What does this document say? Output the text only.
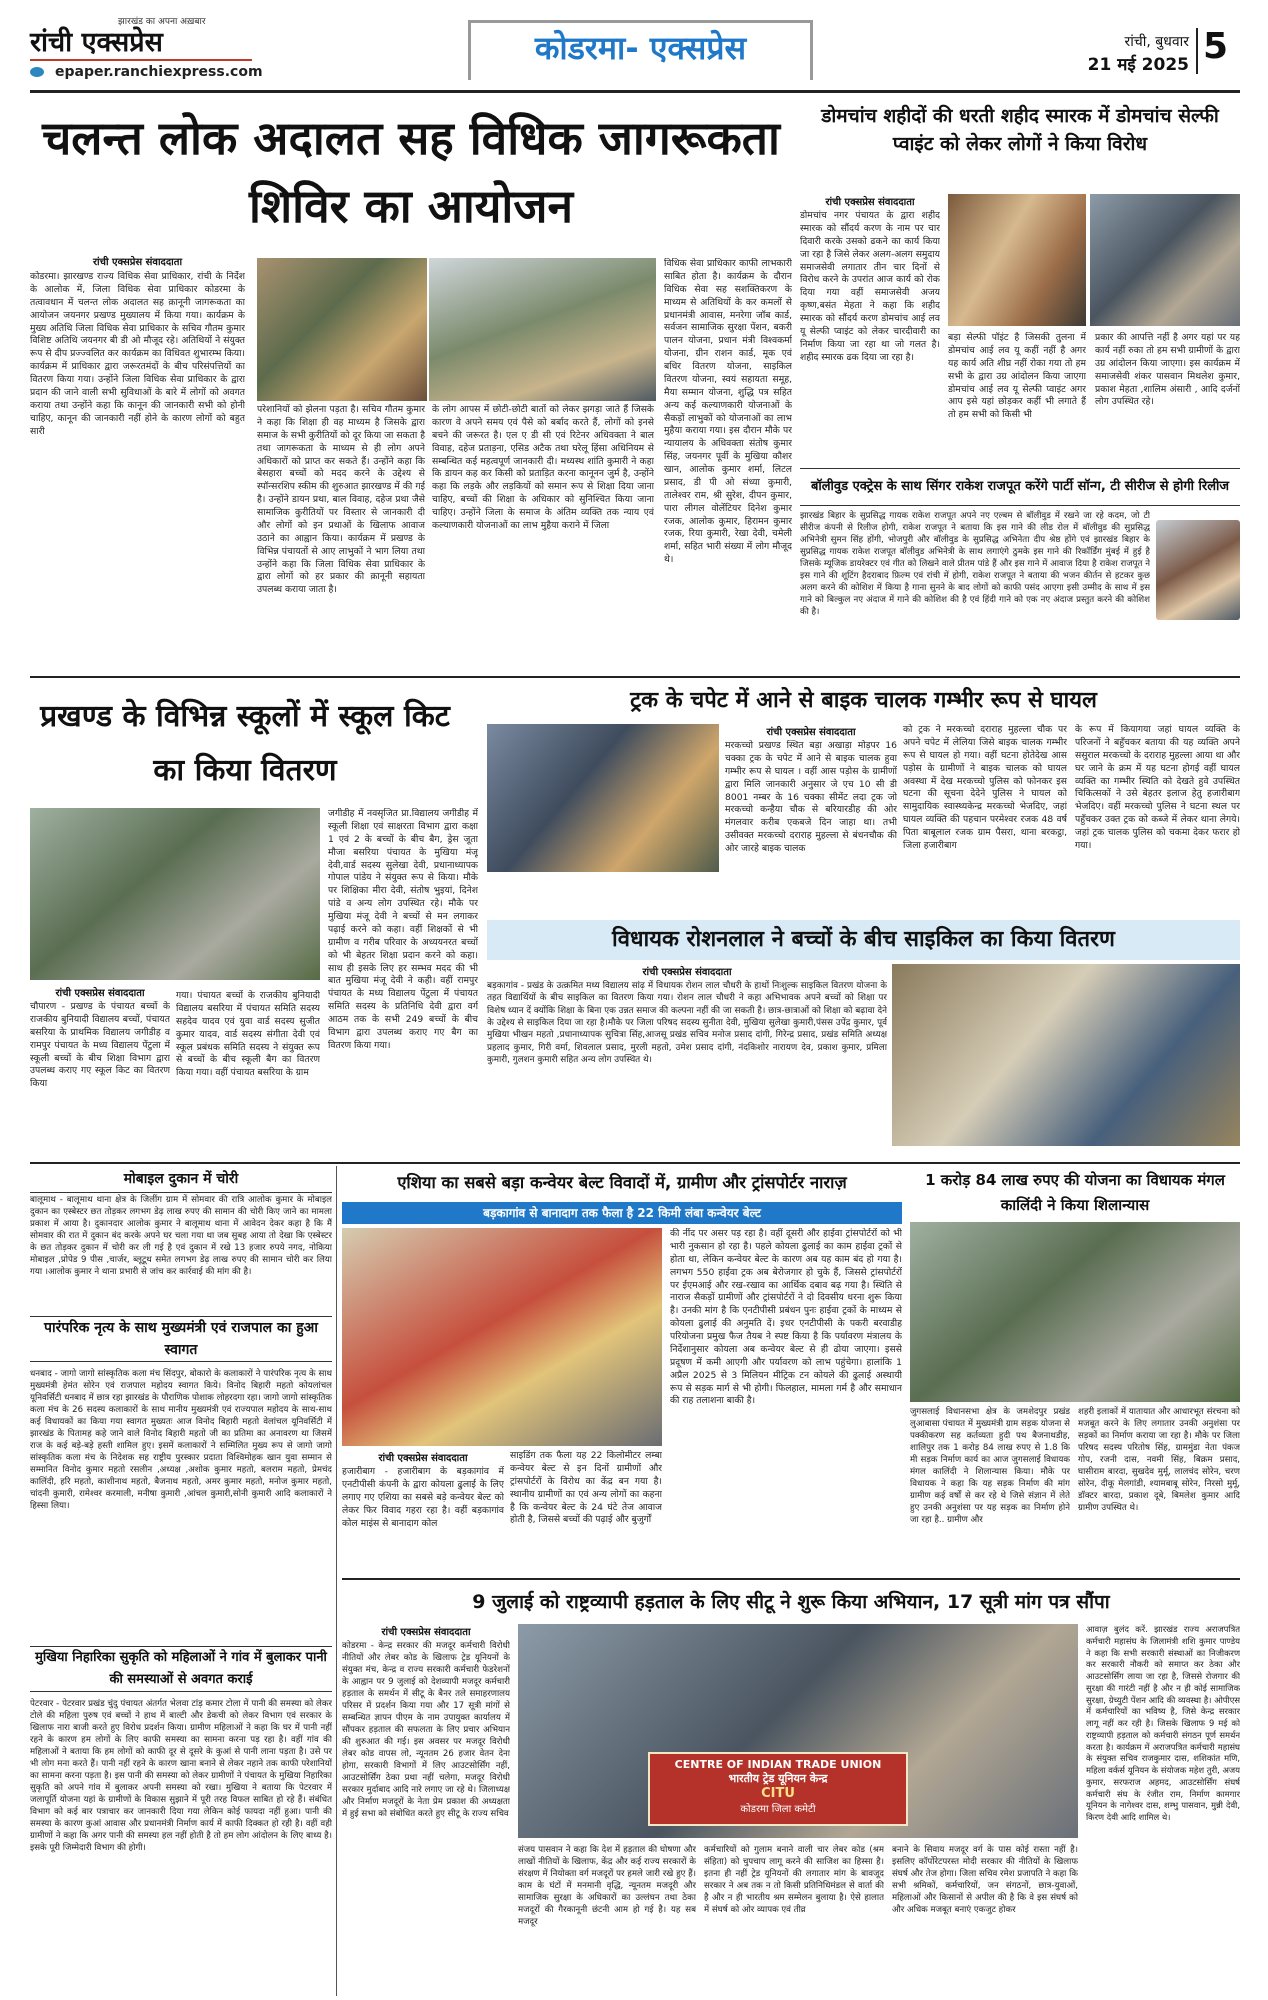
रांची एक्सप्रेस
झारखंड का अपना अख़बार
epaper.ranchiexpress.com
कोडरमा- एक्सप्रेस	रांची, बुधवार
21 मई 2025 5
चलन्त लोक अदालत सह विधिक जागरूकता शिविर का आयोजन
रांची एक्सप्रेस संवाददाता
कोडरमा। झारखण्ड राज्य विधिक सेवा प्राधिकार, रांची के निर्देश के आलोक में, जिला विधिक सेवा प्राधिकार कोडरमा के तत्वावधान में चलन्त लोक अदालत सह क़ानूनी जागरूकता का आयोजन जयनगर प्रखण्ड मुख्यालय में किया गया। कार्यक्रम के मुख्य अतिथि जिला विधिक सेवा प्राधिकार के सचिव गौतम कुमार विशिष्ट अतिथि जयनगर बी डी ओ मौजूद रहे। अतिथियों ने संयुक्त रूप से दीप प्रज्ज्वलित कर कार्यक्रम का विधिवत शुभारम्भ किया। कार्यक्रम में प्राधिकार द्वारा जरूरतमंदों के बीच परिसंपत्तियों का वितरण किया गया। उन्होंने जिला विधिक सेवा प्राधिकार के द्वारा प्रदान की जाने वाली सभी सुविधाओं के बारे में लोगों को अवगत कराया तथा उन्होंने कहा कि कानून की जानकारी सभी को होनी चाहिए, कानून की जानकारी नहीं होने के कारण लोगों को बहुत सारी
परेशानियों को झेलना पड़ता है। सचिव गौतम कुमार ने कहा कि शिक्षा ही वह माध्यम है जिसके द्वारा समाज के सभी कुरीतियों को दूर किया जा सकता है तथा जागरूकता के माध्यम से ही लोग अपने अधिकारों को प्राप्त कर सकते हैं। उन्होंने कहा कि बेसहारा बच्चों को मदद करने के उद्देश्य से स्पॉन्सरशिप स्कीम की शुरुआत झारखण्ड में की गई है। उन्होंने डायन प्रथा, बाल विवाह, दहेज प्रथा जैसे सामाजिक कुरीतियों पर विस्तार से जानकारी दी और लोगों को इन प्रथाओं के खिलाफ आवाज उठाने का आह्वान किया। कार्यक्रम में प्रखण्ड के विभिन्न पंचायतों से आए लाभुकों ने भाग लिया तथा उन्होंने कहा कि जिला विधिक सेवा प्राधिकार के द्वारा लोगों को हर प्रकार की क़ानूनी सहायता उपलब्ध कराया जाता है।
के लोग आपस में छोटी-छोटी बातों को लेकर झगड़ा जाते हैं जिसके कारण वे अपने समय एवं पैसे को बर्बाद करते हैं, लोगों को इनसे बचने की जरूरत है। एल ए डी सी एवं रिटेनर अधिवक्ता ने बाल विवाह, दहेज प्रताड़ना, एसिड अटैक तथा घरेलू हिंसा अधिनियम से सम्बन्धित कई महत्वपूर्ण जानकारी दी। मध्यस्थ शांति कुमारी ने कहा कि डायन कह कर किसी को प्रताड़ित करना कानूनन जुर्म है, उन्होंने कहा कि लड़के और लड़कियों को समान रूप से शिक्षा दिया जाना चाहिए, बच्चों की शिक्षा के अधिकार को सुनिश्चित किया जाना चाहिए। उन्होंने जिला के समाज के अंतिम व्यक्ति तक न्याय एवं कल्याणकारी योजनाओं का लाभ मुहैया कराने में जिला
विधिक सेवा प्राधिकार काफी लाभकारी साबित होता है। कार्यक्रम के दौरान विधिक सेवा सह सशक्तिकरण के माध्यम से अतिथियों के कर कमलों से प्रधानमंत्री आवास, मनरेगा जॉब कार्ड, सर्वजन सामाजिक सुरक्षा पेंशन, बकरी पालन योजना, प्रधान मंत्री विश्वकर्मा योजना, ग्रीन राशन कार्ड, मूक एवं बधिर वितरण योजना, साइकिल वितरण योजना, स्वयं सहायता समूह, मैया सम्मान योजना, शुद्धि पत्र सहित अन्य कई कल्याणकारी योजनाओं के सैकड़ों लाभुकों को योजनाओं का लाभ मुहैया कराया गया। इस दौरान मौके पर न्यायालय के अधिवक्ता संतोष कुमार सिंह, जयनगर पूर्वी के मुखिया कौशर खान, आलोक कुमार शर्मा, लिटल प्रसाद, डी पी ओ संध्या कुमारी, तालेश्वर राम, श्री सुरेश, दीपन कुमार, पारा लीगल वोलेंटियर दिनेश कुमार रजक, आलोक कुमार, हिरामन कुमार रजक, रिया कुमारी, रेखा देवी, चमेली शर्मा, सहित भारी संख्या में लोग मौजूद थे।
डोमचांच शहीदों की धरती शहीद स्मारक में डोमचांच सेल्फी प्वाइंट को लेकर लोगों ने किया विरोध
रांची एक्सप्रेस संवाददाता
डोमचांच नगर पंचायत के द्वारा शहीद स्मारक को सौंदर्य करण के नाम पर चार दिवारी करके उसको ढकने का कार्य किया जा रहा है जिसे लेकर अलग-अलग समुदाय समाजसेवी लगातार तीन चार दिनों से विरोध करने के उपरांत आज कार्य को रोक दिया गया वहीं समाजसेवी अजय कृष्ण,बसंत मेहता ने कहा कि शहीद स्मारक को सौंदर्य करण डोमचांच आई लव यू सेल्फी प्वाइंट को लेकर चारदीवारी का निर्माण किया जा रहा था जो गलत है। शहीद स्मारक ढक दिया जा रहा है।
बड़ा सेल्फी पॉइंट है जिसकी तुलना में डोमचांच आई लव यू कहीं नहीं है अगर यह कार्य अति शीघ्र नहीं रोका गया तो हम सभी के द्वारा उग्र आंदोलन किया जाएगा डोमचांच आई लव यू सेल्फी प्वाइंट अगर आप इसे यहां छोड़कर कहीं भी लगाते हैं तो हम सभी को किसी भी
प्रकार की आपत्ति नहीं है अगर यहां पर यह कार्य नहीं रुका तो हम सभी ग्रामीणों के द्वारा उग्र आंदोलन किया जाएगा। इस कार्यक्रम में समाजसेवी शंकर पासवान मिथलेश कुमार, प्रकाश मेहता ,शालिम अंसारी , आदि दर्जनों लोग उपस्थित रहे।
बॉलीवुड एक्ट्रेस के साथ सिंगर राकेश राजपूत करेंगे पार्टी सॉन्ग, टी सीरीज से होगी रिलीज
झारखंड बिहार के सुप्रसिद्ध गायक राकेश राजपूत अपने नए एल्बम से बॉलीवुड में रखने जा रहे कदम, जो टी सीरीज कंपनी से रिलीज होगी, राकेश राजपूत ने बताया कि इस गाने की लीड रोल में बॉलीवुड की सुप्रसिद्ध अभिनेत्री सुमन सिंह होंगी, भोजपुरी और बॉलीवुड के सुप्रसिद्ध अभिनेता दीप श्रेष्ठ होंगे एवं झारखंड बिहार के सुप्रसिद्ध गायक राकेश राजपूत बॉलीवुड अभिनेत्री के साथ लगाएंगे ठुमके इस गाने की रिकॉर्डिंग मुंबई में हुई है जिसके म्यूजिक डायरेक्टर एवं गीत को लिखने वाले प्रीतम पांडे हैं और इस गाने में आवाज दिया है राकेश राजपूत ने इस गाने की शूटिंग हैदराबाद फ़िल्म एवं रांची में होगी, राकेश राजपूत ने बताया की भजन कीर्तन से हटकर कुछ अलग करने की कोशिश में किया है गाना सुनने के बाद लोगों को काफी पसंद आएगा इसी उम्मीद के साथ में इस गाने को बिल्कुल नए अंदाज में गाने की कोशिश की है एवं हिंदी गाने को एक नए अंदाज प्रस्तुत करने की कोशिश की है।
प्रखण्ड के विभिन्न स्कूलों में स्कूल किट का किया वितरण
रांची एक्सप्रेस संवाददाता
चौपारण - प्रखण्ड के पंचायत बच्चों के राजकीय बुनियादी विद्यालय बच्चों, पंचायत बसरिया के प्राथमिक विद्यालय जगीडीह व रामपुर पंचायत के मध्य विद्यालय पेंटुला में स्कूली बच्चों के बीच शिक्षा विभाग द्वारा उपलब्ध कराए गए स्कूल किट का वितरण किया
गया। पंचायत बच्चों के राजकीय बुनियादी विद्यालय बसरिया में पंचायत समिति सदस्य सहदेव यादव एवं युवा वार्ड सदस्य सुजीत कुमार यादव, वार्ड सदस्य संगीता देवी एवं स्कूल प्रबंधक समिति सदस्य ने संयुक्त रूप से बच्चों के बीच स्कूली बैग का वितरण किया गया। वहीं पंचायत बसरिया के ग्राम
जगीडीह में नवसृजित प्रा.विद्यालय जगीडीह में स्कूली शिक्षा एवं साक्षरता विभाग द्वारा कक्षा 1 एवं 2 के बच्चों के बीच बैग, ड्रेस जूता मौजा बसरिया पंचायत के मुखिया मंजू देवी,वार्ड सदस्य सुलेखा देवी, प्रधानाध्यापक गोपाल पांडेय ने संयुक्त रूप से किया। मौके पर शिक्षिका मीरा देवी, संतोष भुइयां, दिनेश पांडे व अन्य लोग उपस्थित रहे। मौके पर मुखिया मंजू देवी ने बच्चों से मन लगाकर पढ़ाई करने को कहा। वहीं शिक्षकों से भी ग्रामीण व गरीब परिवार के अध्ययनरत बच्चों को भी बेहतर शिक्षा प्रदान करने को कहा। साथ ही इसके लिए हर सम्भव मदद की भी बात मुखिया मंजू देवी ने कही। वहीं रामपुर पंचायत के मध्य विद्यालय पेंटुला में पंचायत समिति सदस्य के प्रतिनिधि देवी द्वारा वर्ग आठम तक के सभी 249 बच्चों के बीच विभाग द्वारा उपलब्ध कराए गए बैग का वितरण किया गया।
ट्रक के चपेट में आने से बाइक चालक गम्भीर रूप से घायल
रांची एक्सप्रेस संवाददाता
मरकच्चो प्रखण्ड स्थित बड़ा अखाड़ा मोड़पर 16 चक्का ट्रक के चपेट में आने से बाइक चालक हुवा गम्भीर रूप से घायल । वहीं आस पड़ोस के ग्रामीणों द्वारा मिलि जानकारी अनुसार जे एच 10 सी डी 8001 नम्बर के 16 चक्का सीमेंट लदा ट्रक जो मरकच्चो कन्हैया चौक से बरियारडीह की ओर मंगलवार करीब एकबजे दिन जाहा था। तभी उसीवक्त मरकच्चो दराराह मुहल्ला से बंधनचौक की ओर जारहे बाइक चालक
को ट्रक ने मरकच्चो दराराह मुहल्ला चौक पर अपने चपेट में लेलिया जिसे बाइक चालक गम्भीर रूप से घायल हो गया। वहीं घटना होतेदेख आस पड़ोस के ग्रामीणों ने बाइक चालक को घायल अवस्था में देख मरकच्चो पुलिस को फोनकर इस घटना की सूचना देदेने पुलिस ने घायल को सामुदायिक स्वास्थ्यकेन्द्र मरकच्चो भेजदिए, जहां घायल व्यक्ति की पहचान परमेश्वर रजक 48 वर्ष पिता बाबूलाल रजक ग्राम पैसरा, थाना बरकट्ठा, जिला हजारीबाग
के रूप में कियागया जहां घायल व्यक्ति के परिजनों ने बहुँचकर बताया की यह व्यक्ति अपने ससुराल मरकच्चो के दराराह मुहल्ला आया था और घर जाने के क्रम में यह घटना होगई वहीं घायल व्यक्ति का गम्भीर स्थिति को देखते हुवे उपस्थित चिकित्सकों ने उसे बेहतर इलाज हेतु हजारीबाग भेजदिए। वहीं मरकच्चो पुलिस ने घटना स्थल पर पहुँचकर उक्त ट्रक को कब्जे में लेकर थाना लेगये। जहां ट्रक चालक पुलिस को चकमा देकर फरार हो गया।
विधायक रोशनलाल ने बच्चों के बीच साइकिल का किया वितरण
रांची एक्सप्रेस संवाददाता
बड़कागांव - प्रखंड के उत्क्रमित मध्य विद्यालय सांढ़ में विधायक रोशन लाल चौधरी के हाथों निःशुल्क साइकिल वितरण योजना के तहत विद्यार्थियों के बीच साइकिल का वितरण किया गया। रोशन लाल चौधरी ने कहा अभिभावक अपने बच्चों को शिक्षा पर विशेष ध्यान दें क्योंकि शिक्षा के बिना एक उन्नत समाज की कल्पना नहीं की जा सकती है। छात्र-छात्राओं को शिक्षा को बढ़ावा देने के उद्देश्य से साइकिल दिया जा रहा है।मौके पर जिला परिषद सदस्य सुनीता देवी, मुखिया सुलेखा कुमारी,पंसस उपेंद्र कुमार, पूर्व मुखिया भीखन महतो ,प्रधानाध्यापक सुचित्रा सिंह,आजसू प्रखंड सचिव मनोज प्रसाद दांगी, गिरेन्द्र प्रसाद, प्रखंड समिति अध्यक्ष प्रहलाद कुमार, गिरी वर्मा, शिवलाल प्रसाद, मुरली महतो, उमेश प्रसाद दांगी, नंदकिशोर नारायण देव, प्रकाश कुमार, प्रमिला कुमारी, गुलशन कुमारी सहित अन्य लोग उपस्थित थे।
मोबाइल दुकान में चोरी
बालूमाथ - बालूमाथ थाना क्षेत्र के जिलींग ग्राम में सोमवार की रात्रि आलोक कुमार के मोबाइल दुकान का एस्बेस्टर छत तोड़कर लगभग डेढ़ लाख रुपए की सामान की चोरी किए जाने का मामला प्रकाश में आया है। दुकानदार आलोक कुमार ने बालूमाथ थाना में आवेदन देकर कहा है कि मैं सोमवार की रात में दुकान बंद करके अपने घर चला गया था जब सुबह आया तो देखा कि एस्बेस्टर के छत तोड़कर दुकान में चोरी कर ली गई है एवं दुकान में रखे 13 हजार रुपये नगद, नोकिया मोबाइल ,प्रोपेड 9 पीस ,चार्जर, ब्लूटूथ समेत लगभग डेढ़ लाख रुपए की सामान चोरी कर लिया गया ।आलोक कुमार ने थाना प्रभारी से जांच कर कार्रवाई की मांग की है।
पारंपरिक नृत्य के साथ मुख्यमंत्री एवं राजपाल का हुआ स्वागत
धनबाद - जागो जागो सांस्कृतिक कला मंच सिंदपुर, बोकारो के कलाकारों ने पारंपरिक नृत्य के साथ मुख्यमंत्री हेमंत सोरेन एवं राजपाल महोदय स्वागत किये। विनोद बिहारी महतो कोयलांचल यूनिवर्सिटी धनबाद में छात्र रहा झारखंड के पौराणिक पोशाक लोहरदगा रहा। जागो जागो सांस्कृतिक कला मंच के 26 सदस्य कलाकारों के साथ मानीय मुख्यमंत्री एवं राज्यपाल महोदय के साथ-साथ कई विधायकों का किया गया स्वागत मुख्यतः आज विनोद बिहारी महतो वेलांचल यूनिवर्सिटी में झारखंड के पितामह कहे जाने वाले विनोद बिहारी महतो जी का प्रतिमा का अनावरण था जिसमें राज के कई बड़े-बड़े हस्ती शामिल हुए। इसमें कलाकारों ने सम्मिलित मुख्य रूप से जागो जागो सांस्कृतिक कला मंच के निदेशक सह राष्ट्रीय पुरस्कार प्रदाता विश्विमोहक खान युवा सम्मान से सम्मानित विनोद कुमार महतो रसलीन ,अध्यक्ष ,अशोक कुमार महतो, बलराम महतो, प्रेमचंद कालिंदी, हरि महतो, काशीनाथ महतो, बैजनाथ महतो, अमर कुमार महतो, मनोज कुमार महतो, चांदनी कुमारी, रामेश्वर करमाली, मनीषा कुमारी ,आंचल कुमारी,सोनी कुमारी आदि कलाकारों ने हिस्सा लिया।
मुखिया निहारिका सुकृति को महिलाओं ने गांव में बुलाकर पानी की समस्याओं से अवगत कराई
पेटरवार - पेटरवार प्रखंड चुंदु पंचायत अंतर्गत भेलवा टांड़ कमार टोला में पानी की समस्या को लेकर टोले की महिला पुरुष एवं बच्चों ने हाथ में बाल्टी और डेकची को लेकर विभाग एवं सरकार के खिलाफ नारा बाजी करते हुए विरोध प्रदर्शन किया। ग्रामीण महिलाओं ने कहा कि घर में पानी नहीं रहने के कारण हम लोगों के लिए काफी समस्या का सामना करना पड़ रहा है। वहीं गांव की महिलाओं ने बताया कि हम लोगों को काफी दूर से दूसरे के कुआं से पानी लाना पड़ता है। उसे पर भी लोग मना करते हैं। पानी नहीं रहने के कारण खाना बनाने से लेकर नहाने तक काफी परेशानियों का सामना करना पड़ता है। इस पानी की समस्या को लेकर ग्रामीणों ने पंचायत के मुखिया निहारिका सुकृति को अपने गांव में बुलाकर अपनी समस्या को रखा। मुखिया ने बताया कि पेटरवार में जलापूर्ति योजना यहां के ग्रामीणों के विकास सुझाने में पूरी तरह विफल साबित हो रहे हैं। संबंधित विभाग को कई बार पत्राचार कर जानकारी दिया गया लेकिन कोई फायदा नहीं हुआ। पानी की समस्या के कारण कुआं आवास और प्रधानमंत्री निर्माण कार्य में काफी दिक्कत हो रही है। वहीं वही ग्रामीणों ने कहा कि अगर पानी की समस्या हल नहीं होती है तो हम लोग आंदोलन के लिए बाध्य है। इसके पूरी जिम्मेदारी विभाग की होगी।
एशिया का सबसे बड़ा कन्वेयर बेल्ट विवादों में, ग्रामीण और ट्रांसपोर्टर नाराज़
बड़कागांव से बानादाग तक फैला है 22 किमी लंबा कन्वेयर बेल्ट
रांची एक्सप्रेस संवाददाता
हजारीबाग - हजारीबाग के बड़कागांव में एनटीपीसी कंपनी के द्वारा कोयला ढुलाई के लिए लगाए गए एशिया का सबसे बड़े कन्वेयर बेल्ट को लेकर फिर विवाद गहरा रहा है। वहीं बड़कागांव कोल माइंस से बानादाग कोल
साइडिंग तक फैला यह 22 किलोमीटर लम्बा कन्वेयर बेल्ट से इन दिनों ग्रामीणों और ट्रांसपोर्टरों के विरोध का केंद्र बन गया है। स्थानीय ग्रामीणों का एवं अन्य लोगों का कहना है कि कन्वेयर बेल्ट के 24 घंटे तेज आवाज होती है, जिससे बच्चों की पढ़ाई और बुजुर्गों
की नींद पर असर पड़ रहा है। वहीं दूसरी और हाईवा ट्रांसपोर्टरों को भी भारी नुकसान हो रहा है। पहले कोयला ढुलाई का काम हाईवा ट्रकों से होता था, लेकिन कन्वेयर बेल्ट के कारण अब यह काम बंद हो गया है। लगभग 550 हाईवा ट्रक अब बेरोजगार हो चुके हैं, जिससे ट्रांसपोर्टरों पर ईएमआई और रख-रखाव का आर्थिक दबाव बढ़ गया है। स्थिति से नाराज सैकड़ों ग्रामीणों और ट्रांसपोर्टरों ने दो दिवसीय धरना शुरू किया है। उनकी मांग है कि एनटीपीसी प्रबंधन पुनः हाईवा ट्रकों के माध्यम से कोयला ढुलाई की अनुमति दें। इधर एनटीपीसी के पकरी बरवाडीह परियोजना प्रमुख फैज तैयब ने स्पष्ट किया है कि पर्यावरण मंत्रालय के निर्देशानुसार कोयला अब कन्वेयर बेल्ट से ही ढोया जाएगा। इससे प्रदूषण में कमी आएगी और पर्यावरण को लाभ पहुंचेगा। हालांकि 1 अप्रैल 2025 से 3 मिलियन मीट्रिक टन कोयले की ढुलाई अस्थायी रूप से सड़क मार्ग से भी होगी। फिलहाल, मामला गर्म है और समाधान की राह तलाशना बाकी है।
1 करोड़ 84 लाख रुपए की योजना का विधायक मंगल कालिंदी ने किया शिलान्यास
जुगसलाई विधानसभा क्षेत्र के जमशेदपुर प्रखंड लुआबासा पंचायत में मुख्यमंत्री ग्राम सड़क योजना से पक्कीकरण सह कर्तव्यता हुदी पथ बैजनाथडीह, शालिपुर तक 1 करोड़ 84 लाख रुपए से 1.8 कि मी सड़क निर्माण कार्य का आज जुगसलाई विधायक मंगल कालिंदी ने शिलान्यास किया। मौके पर विधायक ने कहा कि यह सड़क निर्माण की मांग ग्रामीण कई वर्षों से कर रहे थे जिसे संज्ञान में लेते हुए उनकी अनुशंसा पर यह सड़क का निर्माण होने जा रहा है.. ग्रामीण और
शहरी इलाकों में यातायात और आधारभूत संरचना को मजबूत करने के लिए लगातार उनकी अनुशंसा पर सड़कों का निर्माण कराया जा रहा है। मौके पर जिला परिषद सदस्य परितोष सिंह, ग्राममुंडा नेता पंकज गोप, रजनी दास, नवमी सिंह, बिक्रम प्रसाद, घासीराम बारदा, सुखदेव मुर्मू, लालचंद सोरेन, चरण सोरेन, दीकू मेलगांडी, श्यामबाबू सोरेन, निरसो मुर्मू, डॉक्टर बारदा, प्रकाश दूबे, बिमलेश कुमार आदि ग्रामीण उपस्थित थे।
9 जुलाई को राष्ट्रव्यापी हड़ताल के लिए सीटू ने शुरू किया अभियान, 17 सूत्री मांग पत्र सौंपा
रांची एक्सप्रेस संवाददाता
कोडरमा - केन्द्र सरकार की मजदूर कर्मचारी विरोधी नीतियों और लेबर कोड के खिलाफ ट्रेड यूनियनों के संयुक्त मंच, केन्द्र व राज्य सरकारी कर्मचारी फेडरेशनों के आह्वान पर 9 जुलाई को देशव्यापी मजदूर कर्मचारी हड़ताल के समर्थन में सीटू के बैनर तले समाहरणालय परिसर में प्रदर्शन किया गया और 17 सूत्री मांगों से सम्बन्धित ज्ञापन पीएम के नाम उपायुक्त कार्यालय में सौंपकर हड़ताल की सफलता के लिए प्रचार अभियान की शुरुआत की गई। इस अवसर पर मजदूर विरोधी लेबर कोड वापस लो, न्यूनतम 26 हजार वेतन देना होगा, सरकारी विभागों में लिए आउटसोर्सिंग नहीं, आउटसोर्सिंग ठेका प्रथा नहीं चलेगा, मजदूर विरोधी सरकार मुर्दाबाद आदि नारे लगाए जा रहे थे। जिलाध्यक्ष और निर्माण मजदूरों के नेता प्रेम प्रकाश की अध्यक्षता में हुई सभा को संबोधित करते हुए सीटू के राज्य सचिव
CENTRE OF INDIAN TRADE UNION
भारतीय ट्रेड यूनियन केन्द्र
CITU
कोडरमा जिला कमेटी
संजय पासवान ने कहा कि देश में हड़ताल की घोषणा और लाखों नीतियों के खिलाफ, केंद्र और कई राज्य सरकारों के संरक्षण में नियोक्ता वर्ग मजदूरों पर हमले जारी रखे हुए हैं। काम के घंटों में मनमानी वृद्धि, न्यूनतम मजदूरी और सामाजिक सुरक्षा के अधिकारों का उल्लंघन तथा ठेका मजदूरों की गैरकानूनी छंटनी आम हो गई है। यह सब मजदूर
कर्मचारियों को गुलाम बनाने वाली चार लेबर कोड (श्रम संहिता) को चुपचाप लागू करने की साजिश का हिस्सा है। इतना ही नहीं ट्रेड यूनियनों की लगातार मांग के बावजूद सरकार ने अब तक न तो किसी प्रतिनिधिमंडल से वार्ता की है और न ही भारतीय श्रम सम्मेलन बुलाया है। ऐसे हालात में संघर्ष को ओर व्यापक एवं तीव्र
बनाने के सिवाय मजदूर वर्ग के पास कोई रास्ता नहीं है। इसलिए कॉर्पोरेटपरस्त मोदी सरकार की नीतियों के खिलाफ संघर्ष और तेज होगा। जिला सचिव रमेश प्रजापति ने कहा कि सभी श्रमिकों, कर्मचारियों, जन संगठनों, छात्र-युवाओं, महिलाओं और किसानों से अपील की है कि वे इस संघर्ष को और अधिक मजबूत बनाएं एकजुट होकर
आवाज़ बुलंद करें. झारखंड राज्य अराजपत्रित कर्मचारी महासंघ के जिलामंत्री शशि कुमार पाण्डेय ने कहा कि सभी सरकारी संस्थाओं का निजीकरण कर सरकारी नौकरी को समाप्त कर ठेका और आउटसोर्सिंग लाया जा रहा है, जिससे रोजगार की सुरक्षा की गारंटी नहीं है और न ही कोई सामाजिक सुरक्षा, ग्रेच्युटी पेंशन आदि की व्यवस्था है। ओपीएस में कर्मचारियों का भविष्य है, जिसे केन्द्र सरकार लागू नहीं कर रही है। जिसके खिलाफ 9 मई को राष्ट्रव्यापी हड़ताल को कर्मचारी संगठन पूर्ण समर्थन करता है। कार्यक्रम में अराजपत्रित कर्मचारी महासंघ के संयुक्त सचिव राजकुमार दास, शशिकांत मणि, महिला वर्कर्स यूनियन के संयोजक महेश तुरी, अजय कुमार, सरफराज अहमद, आउटसोर्सिंग संघर्ष कर्मचारी संघ के रंजीत राम, निर्माण कामगार यूनियन के नागेश्वर दास, शम्भु पासवान, मुन्नी देवी, किरण देवी आदि शामिल थे।
